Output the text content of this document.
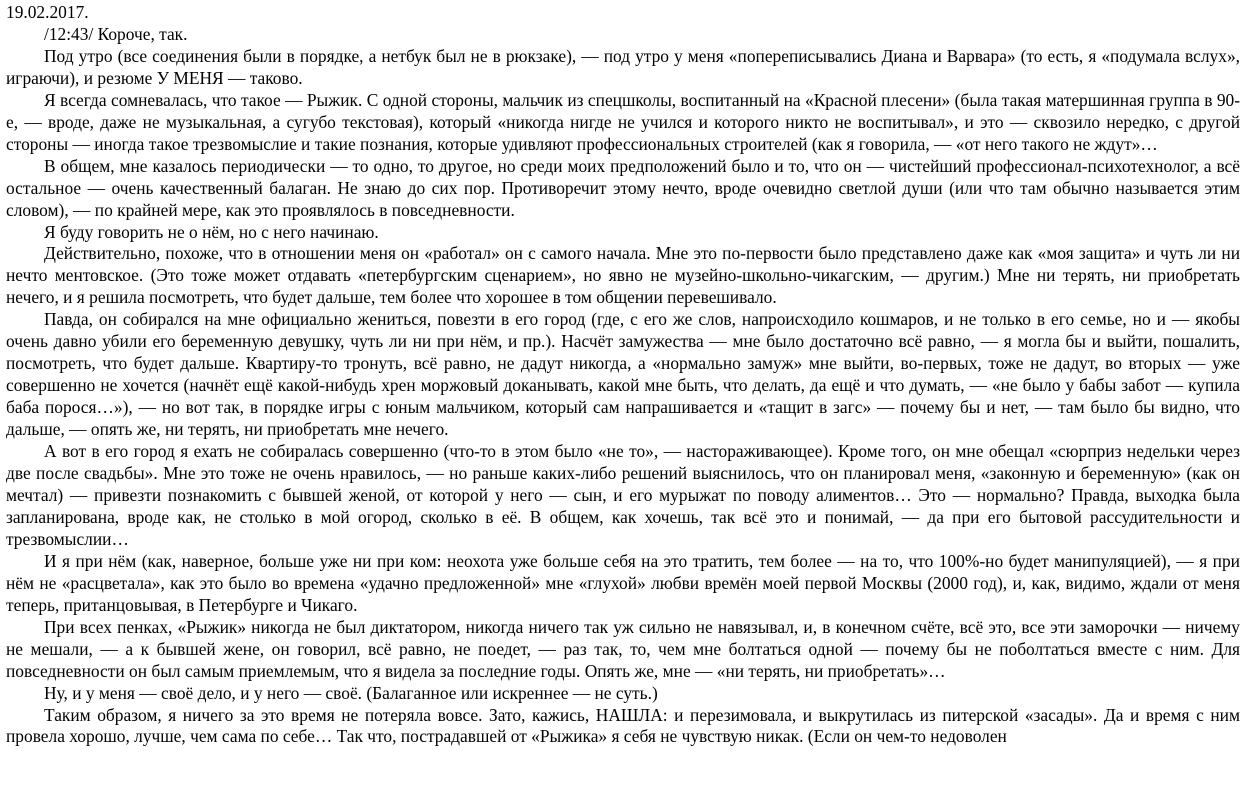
19.02.2017.

/12:43/ Короче, так.

Под утро (все соединения были в порядке, а нетбук был не в рюкзаке), — под утро у меня «попереписывались Диана и Варвара» (то есть, я «подумала вслух», играючи), и резюме У МЕНЯ — таково.

Я всегда сомневалась, что такое — Рыжик. С одной стороны, мальчик из спецшколы, воспитанный на «Красной плесени» (была такая матершинная группа в 90-е, — вроде, даже не музыкальная, а сугубо текстовая), который «никогда нигде не учился и которого никто не воспитывал», и это — сквозило нередко, с другой стороны — иногда такое трезвомыслие и такие познания, которые удивляют профессиональных строителей (как я говорила, — «от него такого не ждут»…

В общем, мне казалось периодически — то одно, то другое, но среди моих предположений было и то, что он — чистейший профессионал-психотехнолог, а всё остальное — очень качественный балаган. Не знаю до сих пор. Противоречит этому нечто, вроде очевидно светлой души (или что там обычно называется этим словом), — по крайней мере, как это проявлялось в повседневности.

Я буду говорить не о нём, но с него начинаю.

Действительно, похоже, что в отношении меня он «работал» он с самого начала. Мне это по-первости было представлено даже как «моя защита» и чуть ли ни нечто ментовское. (Это тоже может отдавать «петербургским сценарием», но явно не музейно-школьно-чикагским, — другим.) Мне ни терять, ни приобретать нечего, и я решила посмотреть, что будет дальше, тем более что хорошее в том общении перевешивало.

Павда, он собирался на мне официально жениться, повезти в его город (где, с его же слов, напроисходило кошмаров, и не только в его семье, но и — якобы очень давно убили его беременную девушку, чуть ли ни при нём, и пр.). Насчёт замужества — мне было достаточно всё равно, — я могла бы и выйти, пошалить, посмотреть, что будет дальше. Квартиру-то тронуть, всё равно, не дадут никогда, а «нормально замуж» мне выйти, во-первых, тоже не дадут, во вторых — уже совершенно не хочется (начнёт ещё какой-нибудь хрен моржовый доканывать, какой мне быть, что делать, да ещё и что думать, — «не было у бабы забот — купила баба порося…»), — но вот так, в порядке игры с юным мальчиком, который сам напрашивается и «тащит в загс» — почему бы и нет, — там было бы видно, что дальше, — опять же, ни терять, ни приобретать мне нечего.

А вот в его город я ехать не собиралась совершенно (что-то в этом было «не то», — настораживающее). Кроме того, он мне обещал «сюрприз недельки через две после свадьбы». Мне это тоже не очень нравилось, — но раньше каких-либо решений выяснилось, что он планировал меня, «законную и беременную» (как он мечтал) — привезти познакомить с бывшей женой, от которой у него — сын, и его мурыжат по поводу алиментов… Это — нормально? Правда, выходка была запланирована, вроде как, не столько в мой огород, сколько в её. В общем, как хочешь, так всё это и понимай, — да при его бытовой рассудительности и трезвомыслии…

И я при нём (как, наверное, больше уже ни при ком: неохота уже больше себя на это тратить, тем более — на то, что 100%-но будет манипуляцией), — я при нём не «расцветала», как это было во времена «удачно предложенной» мне «глухой» любви времён моей первой Москвы (2000 год), и, как, видимо, ждали от меня теперь, пританцовывая, в Петербурге и Чикаго.

При всех пенках, «Рыжик» никогда не был диктатором, никогда ничего так уж сильно не навязывал, и, в конечном счёте, всё это, все эти заморочки — ничему не мешали, — а к бывшей жене, он говорил, всё равно, не поедет, — раз так, то, чем мне болтаться одной — почему бы не поболтаться вместе с ним. Для повседневности он был самым приемлемым, что я видела за последние годы. Опять же, мне — «ни терять, ни приобретать»…

Ну, и у меня — своё дело, и у него — своё. (Балаганное или искреннее — не суть.)

Таким образом, я ничего за это время не потеряла вовсе. Зато, кажись, НАШЛА: и перезимовала, и выкрутилась из питерской «засады». Да и время с ним провела хорошо, лучше, чем сама по себе… Так что, пострадавшей от «Рыжика» я себя не чувствую никак. (Если он чем-то недоволен
